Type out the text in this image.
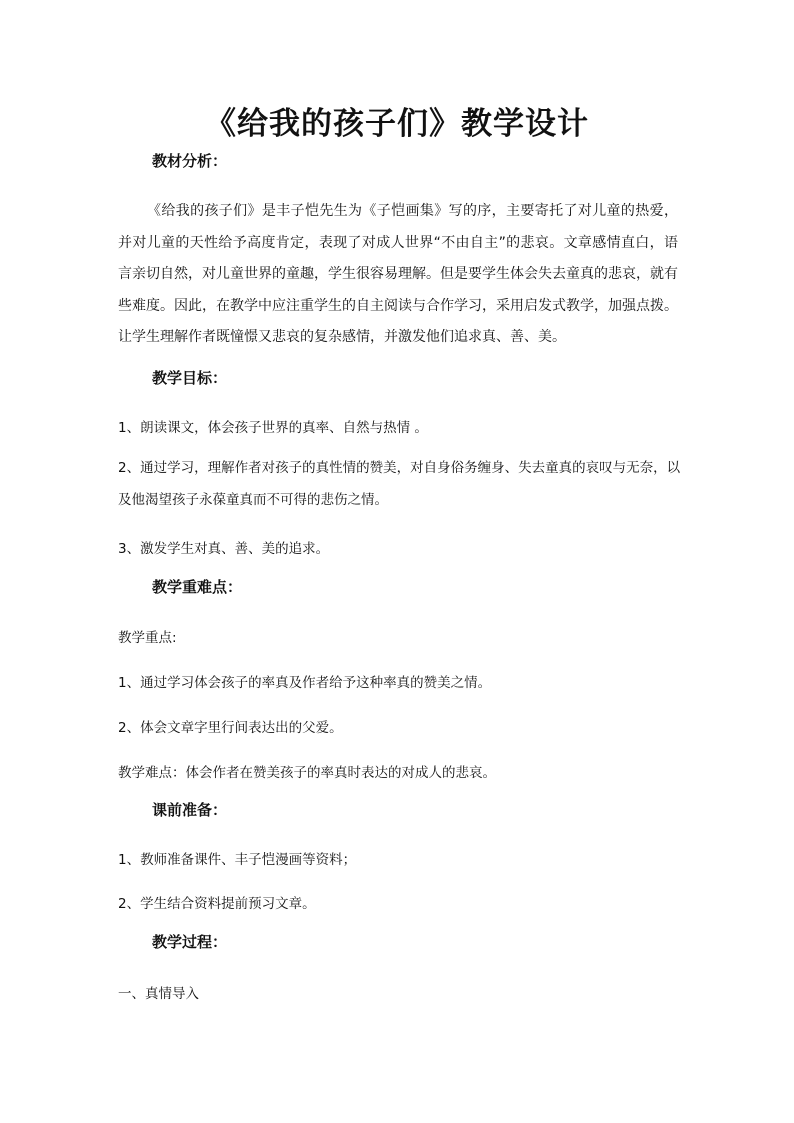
《给我的孩子们》教学设计
教材分析：

《给我的孩子们》是丰子恺先生为《子恺画集》写的序，主要寄托了对儿童的热爱，并对儿童的天性给予高度肯定，表现了对成人世界“不由自主”的悲哀。文章感情直白，语言亲切自然，对儿童世界的童趣，学生很容易理解。但是要学生体会失去童真的悲哀，就有些难度。因此，在教学中应注重学生的自主阅读与合作学习，采用启发式教学，加强点拨。让学生理解作者既憧憬又悲哀的复杂感情，并激发他们追求真、善、美。

教学目标：

1、朗读课文，体会孩子世界的真率、自然与热情 。

2、通过学习，理解作者对孩子的真性情的赞美，对自身俗务缠身、失去童真的哀叹与无奈，以及他渴望孩子永葆童真而不可得的悲伤之情。

3、激发学生对真、善、美的追求。

教学重难点：

教学重点:

1、通过学习体会孩子的率真及作者给予这种率真的赞美之情。

2、体会文章字里行间表达出的父爱。

教学难点：体会作者在赞美孩子的率真时表达的对成人的悲哀。

课前准备：

1、教师准备课件、丰子恺漫画等资料；

2、学生结合资料提前预习文章。

教学过程：

一、真情导入
